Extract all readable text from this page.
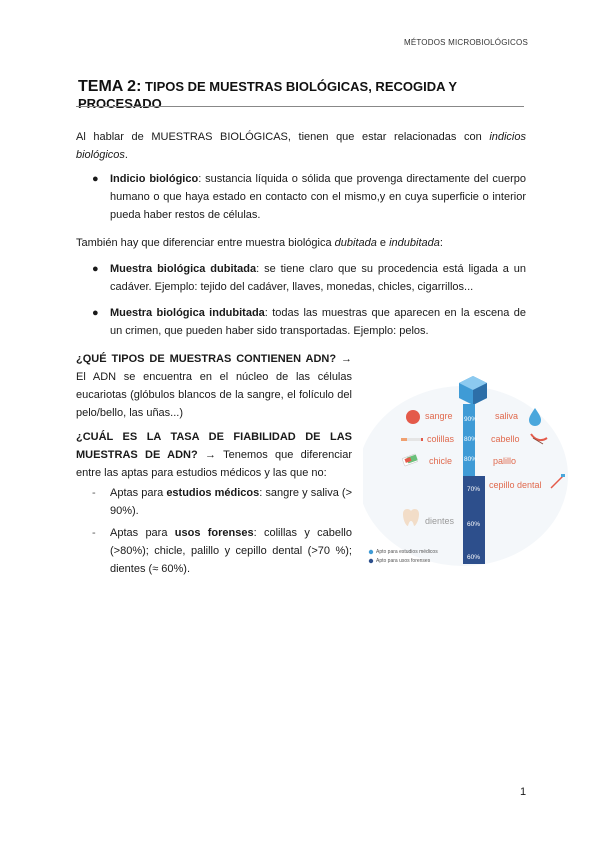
MÉTODOS MICROBIOLÓGICOS
TEMA 2: TIPOS DE MUESTRAS BIOLÓGICAS, RECOGIDA Y PROCESADO
Al hablar de MUESTRAS BIOLÓGICAS, tienen que estar relacionadas con indicios biológicos.
● Indicio biológico: sustancia líquida o sólida que provenga directamente del cuerpo humano o que haya estado en contacto con el mismo,y en cuya superficie o interior pueda haber restos de células.
También hay que diferenciar entre muestra biológica dubitada e indubitada:
● Muestra biológica dubitada: se tiene claro que su procedencia está ligada a un cadáver. Ejemplo: tejido del cadáver, llaves, monedas, chicles, cigarrillos...
● Muestra biológica indubitada: todas las muestras que aparecen en la escena de un crimen, que pueden haber sido transportadas. Ejemplo: pelos.
¿QUÉ TIPOS DE MUESTRAS CONTIENEN ADN? → El ADN se encuentra en el núcleo de las células eucariotas (glóbulos blancos de la sangre, el folículo del pelo/bello, las uñas...)
¿CUÁL ES LA TASA DE FIABILIDAD DE LAS MUESTRAS DE ADN? → Tenemos que diferenciar entre las aptas para estudios médicos y las que no:
- Aptas para estudios médicos: sangre y saliva (> 90%).
- Aptas para usos forenses: colillas y cabello (>80%); chicle, palillo y cepillo dental (>70 %); dientes (≈ 60%).
sangre	saliva
colillas	cabello
chicle	palillo
cepillo dental
dientes
90%
80%
80%
70%
60%
60%
Apto para estudios médicos
Apto para usos forenses
1
